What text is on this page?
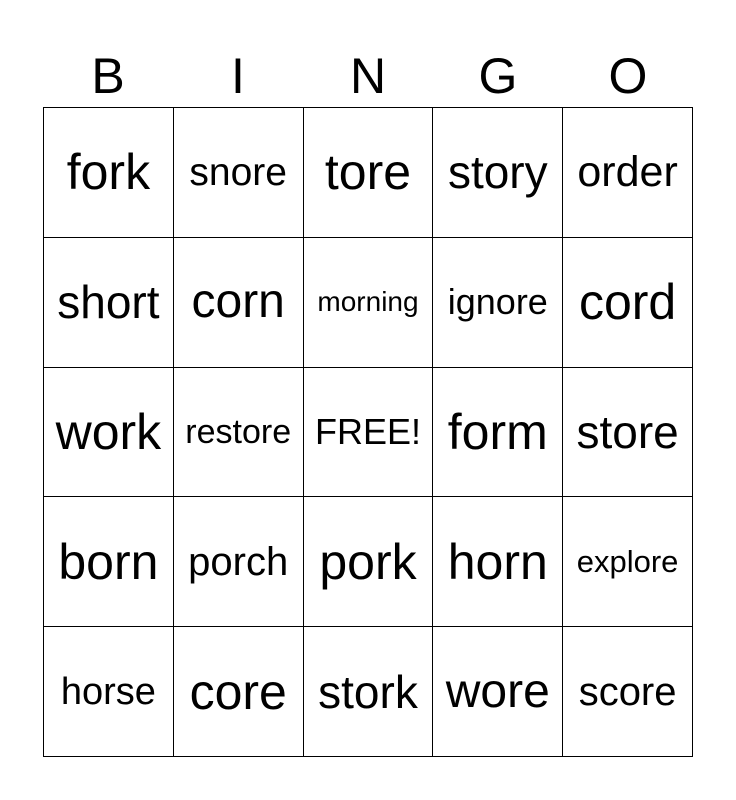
B	I	N	G	O
fork snore tore story order
short corn morning ignore cord
work restore FREE! form store
born porch pork horn explore
horse core stork wore score
